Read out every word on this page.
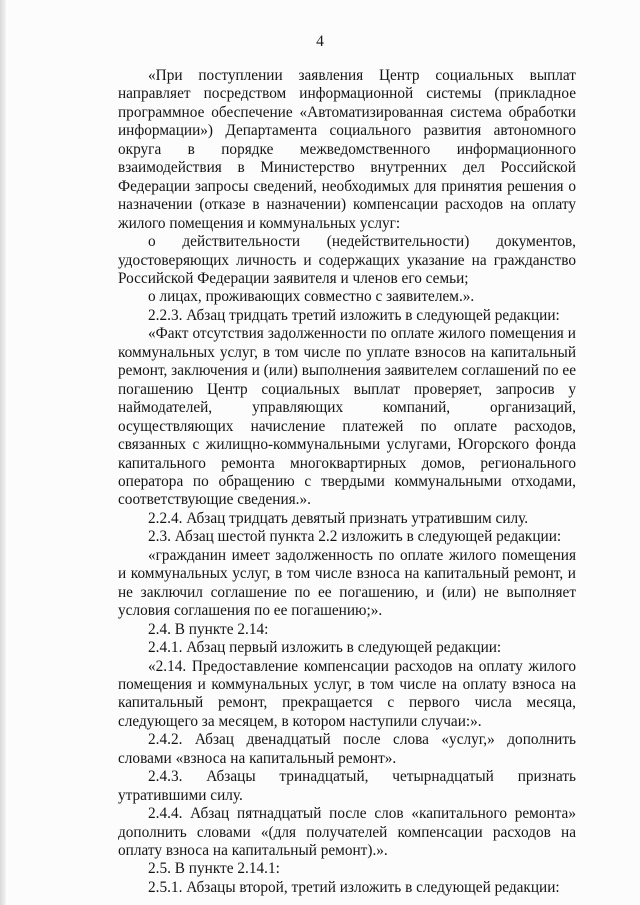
4

«При поступлении заявления Центр социальных выплат направляет посредством информационной системы (прикладное программное обеспечение «Автоматизированная система обработки информации») Департамента социального развития автономного округа в порядке межведомственного информационного взаимодействия в Министерство внутренних дел Российской Федерации запросы сведений, необходимых для принятия решения о назначении (отказе в назначении) компенсации расходов на оплату жилого помещения и коммунальных услуг:

о действительности (недействительности) документов, удостоверяющих личность и содержащих указание на гражданство Российской Федерации заявителя и членов его семьи;

о лицах, проживающих совместно с заявителем.».

2.2.3. Абзац тридцать третий изложить в следующей редакции:

«Факт отсутствия задолженности по оплате жилого помещения и коммунальных услуг, в том числе по уплате взносов на капитальный ремонт, заключения и (или) выполнения заявителем соглашений по ее погашению Центр социальных выплат проверяет, запросив у наймодателей, управляющих компаний, организаций, осуществляющих начисление платежей по оплате расходов, связанных с жилищно-коммунальными услугами, Югорского фонда капитального ремонта многоквартирных домов, регионального оператора по обращению с твердыми коммунальными отходами, соответствующие сведения.».

2.2.4. Абзац тридцать девятый признать утратившим силу.

2.3. Абзац шестой пункта 2.2 изложить в следующей редакции:

«гражданин имеет задолженность по оплате жилого помещения и коммунальных услуг, в том числе взноса на капитальный ремонт, и не заключил соглашение по ее погашению, и (или) не выполняет условия соглашения по ее погашению;».

2.4. В пункте 2.14:

2.4.1. Абзац первый изложить в следующей редакции:

«2.14. Предоставление компенсации расходов на оплату жилого помещения и коммунальных услуг, в том числе на оплату взноса на капитальный ремонт, прекращается с первого числа месяца, следующего за месяцем, в котором наступили случаи:».

2.4.2. Абзац двенадцатый после слова «услуг,» дополнить словами «взноса на капитальный ремонт».

2.4.3. Абзацы тринадцатый, четырнадцатый признать утратившими силу.

2.4.4. Абзац пятнадцатый после слов «капитального ремонта» дополнить словами «(для получателей компенсации расходов на оплату взноса на капитальный ремонт).».

2.5. В пункте 2.14.1:

2.5.1. Абзацы второй, третий изложить в следующей редакции:
